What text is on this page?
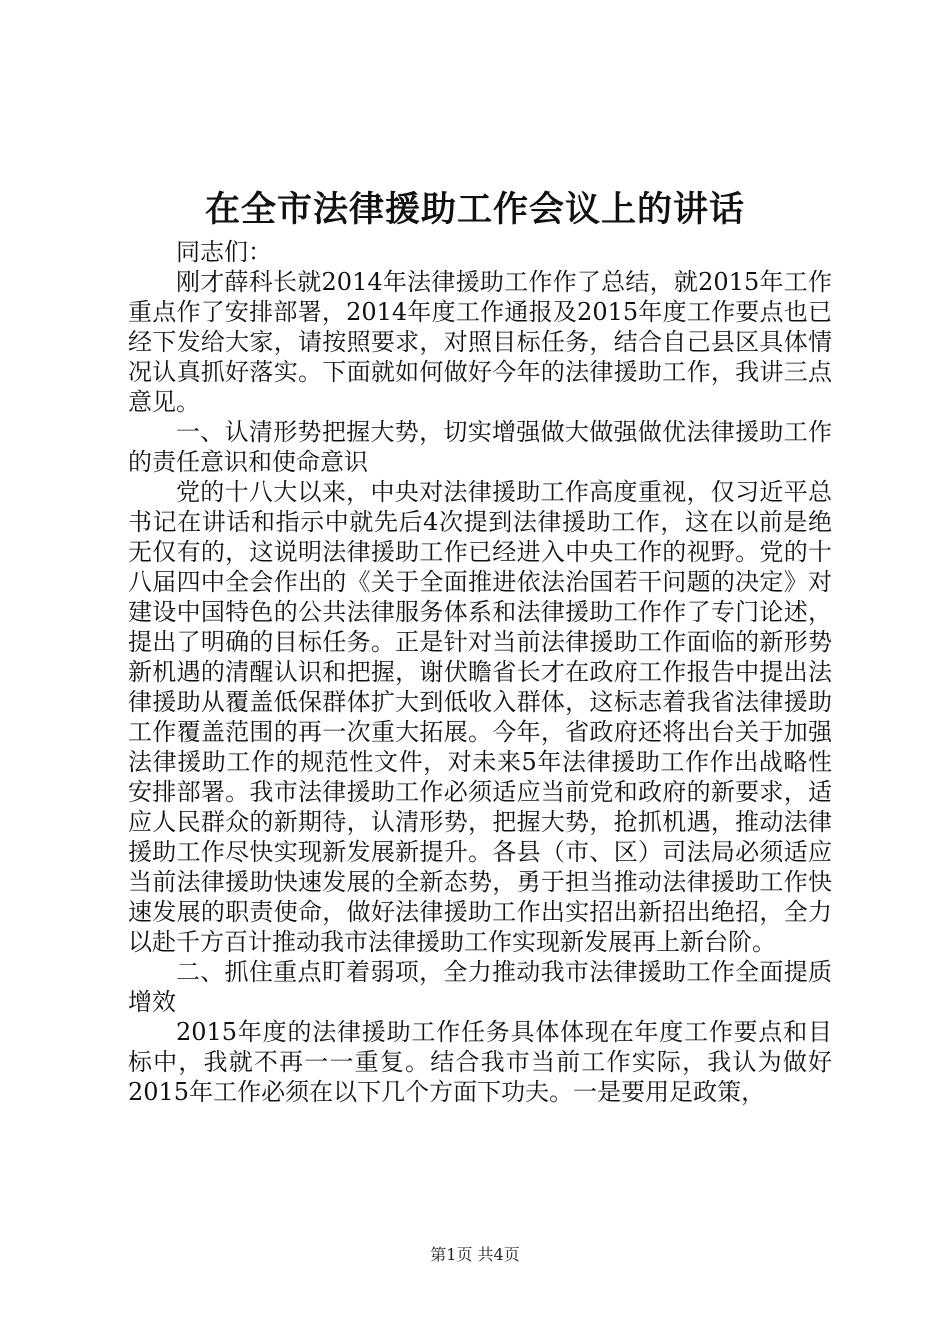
在全市法律援助工作会议上的讲话

同志们：

刚才薛科长就2014年法律援助工作作了总结，就2015年工作重点作了安排部署，2014年度工作通报及2015年度工作要点也已经下发给大家，请按照要求，对照目标任务，结合自己县区具体情况认真抓好落实。下面就如何做好今年的法律援助工作，我讲三点意见。

一、认清形势把握大势，切实增强做大做强做优法律援助工作的责任意识和使命意识

党的十八大以来，中央对法律援助工作高度重视，仅习近平总书记在讲话和指示中就先后4次提到法律援助工作，这在以前是绝无仅有的，这说明法律援助工作已经进入中央工作的视野。党的十八届四中全会作出的《关于全面推进依法治国若干问题的决定》对建设中国特色的公共法律服务体系和法律援助工作作了专门论述，提出了明确的目标任务。正是针对当前法律援助工作面临的新形势新机遇的清醒认识和把握，谢伏瞻省长才在政府工作报告中提出法律援助从覆盖低保群体扩大到低收入群体，这标志着我省法律援助工作覆盖范围的再一次重大拓展。今年，省政府还将出台关于加强法律援助工作的规范性文件，对未来5年法律援助工作作出战略性安排部署。我市法律援助工作必须适应当前党和政府的新要求，适应人民群众的新期待，认清形势，把握大势，抢抓机遇，推动法律援助工作尽快实现新发展新提升。各县（市、区）司法局必须适应当前法律援助快速发展的全新态势，勇于担当推动法律援助工作快速发展的职责使命，做好法律援助工作出实招出新招出绝招，全力以赴千方百计推动我市法律援助工作实现新发展再上新台阶。

二、抓住重点盯着弱项，全力推动我市法律援助工作全面提质增效

2015年度的法律援助工作任务具体体现在年度工作要点和目标中，我就不再一一重复。结合我市当前工作实际，我认为做好2015年工作必须在以下几个方面下功夫。一是要用足政策，

第1页 共4页
